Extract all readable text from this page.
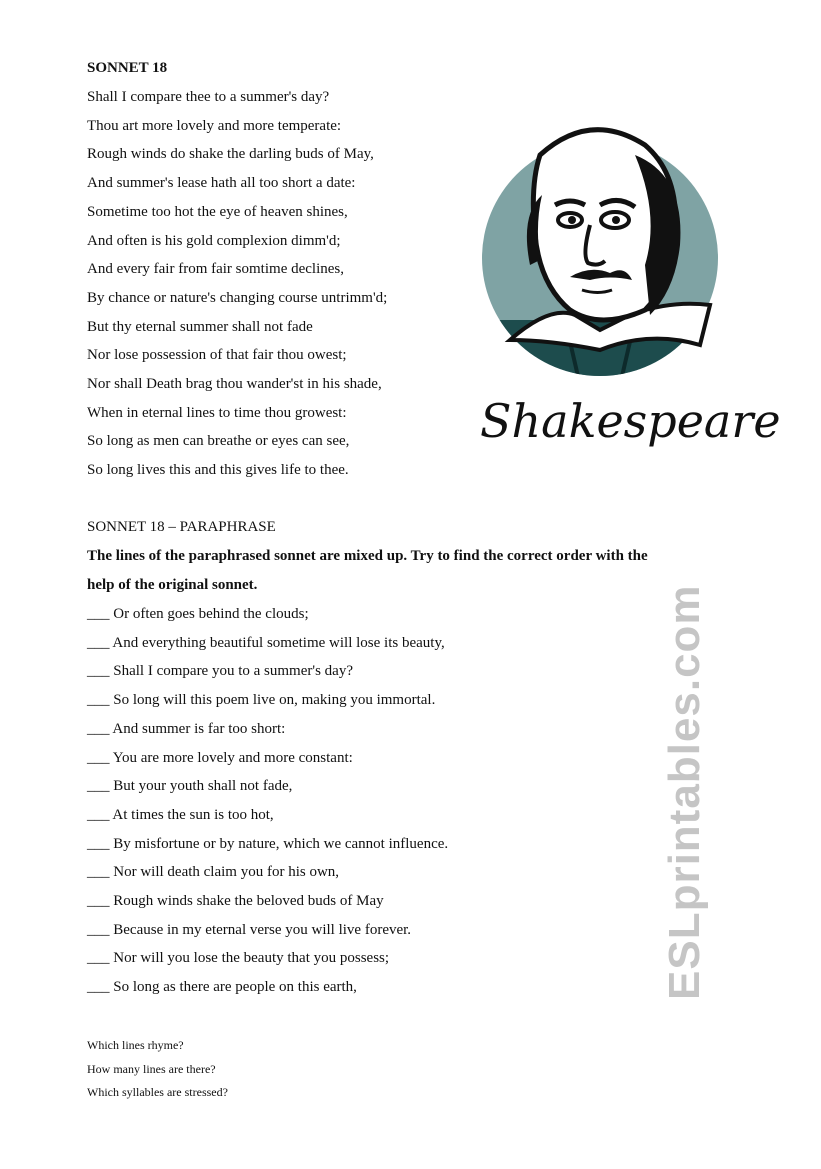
SONNET 18
Shall I compare thee to a summer's day?
Thou art more lovely and more temperate:
Rough winds do shake the darling buds of May,
And summer's lease hath all too short a date:
Sometime too hot the eye of heaven shines,
And often is his gold complexion dimm'd;
And every fair from fair somtime declines,
By chance or nature's changing course untrimm'd;
But thy eternal summer shall not fade
Nor lose possession of that fair thou owest;
Nor shall Death brag thou wander'st in his shade,
When in eternal lines to time thou growest:
So long as men can breathe or eyes can see,
So long lives this and this gives life to thee.
Shakespeare
SONNET 18 – PARAPHRASE
The lines of the paraphrased sonnet are mixed up. Try to find the correct order with the
help of the original sonnet.
___ Or often goes behind the clouds;
___ And everything beautiful sometime will lose its beauty,
___ Shall I compare you to a summer's day?
___ So long will this poem live on, making you immortal.
___ And summer is far too short:
___ You are more lovely and more constant:
___ But your youth shall not fade,
___ At times the sun is too hot,
___ By misfortune or by nature, which we cannot influence.
___ Nor will death claim you for his own,
___ Rough winds shake the beloved buds of May
___ Because in my eternal verse you will live forever.
___ Nor will you lose the beauty that you possess;
___ So long as there are people on this earth,
Which lines rhyme?
How many lines are there?
Which syllables are stressed?
ESLprintables.com
